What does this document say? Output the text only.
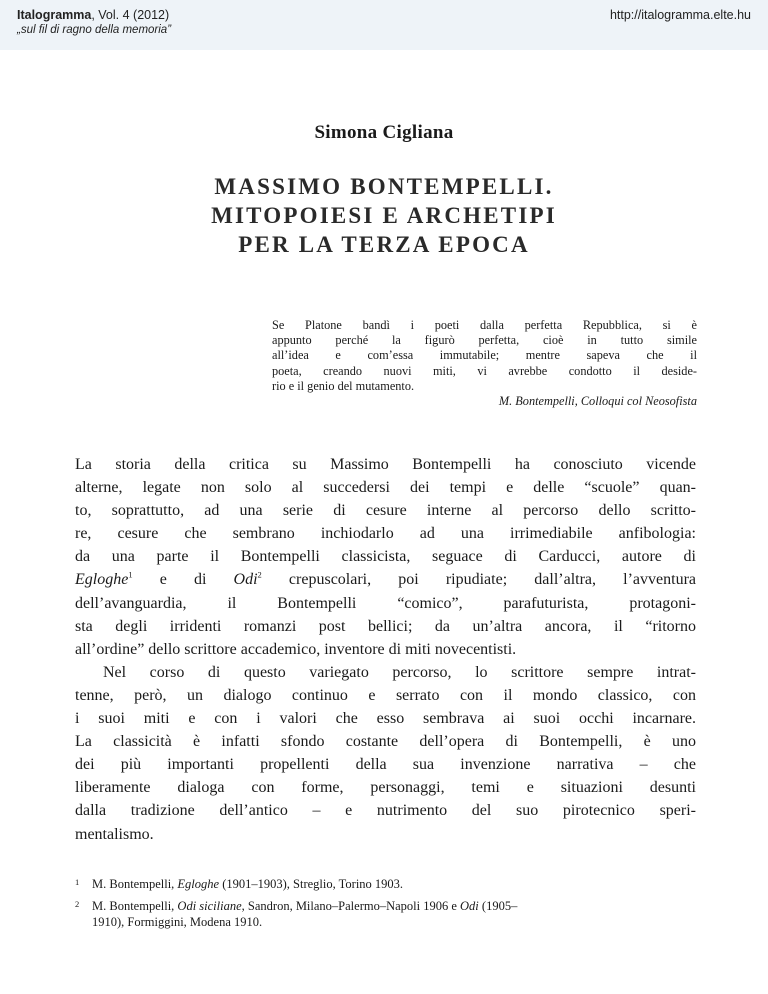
Italogramma, Vol. 4 (2012)
„sul fil di ragno della memoria”
http://italogramma.elte.hu
Simona Cigliana
MASSIMO BONTEMPELLI.
MITOPOIESI E ARCHETIPI
PER LA TERZA EPOCA
Se Platone bandì i poeti dalla perfetta Repubblica, si è
appunto perché la figurò perfetta, cioè in tutto simile
all’idea e com’essa immutabile; mentre sapeva che il
poeta, creando nuovi miti, vi avrebbe condotto il deside-
rio e il genio del mutamento.
M. Bontempelli, Colloqui col Neosofista
La storia della critica su Massimo Bontempelli ha conosciuto vicende
alterne, legate non solo al succedersi dei tempi e delle “scuole” quan-
to, soprattutto, ad una serie di cesure interne al percorso dello scritto-
re, cesure che sembrano inchiodarlo ad una irrimediabile anfibologia:
da una parte il Bontempelli classicista, seguace di Carducci, autore di
Egloghe$^1$ e di Odi$^2$ crepuscolari, poi ripudiate; dall’altra, l’avventura
dell’avanguardia, il Bontempelli “comico”, parafuturista, protagoni-
sta degli irridenti romanzi post bellici; da un’altra ancora, il “ritorno
all’ordine” dello scrittore accademico, inventore di miti novecentisti.
Nel corso di questo variegato percorso, lo scrittore sempre intrat-
tenne, però, un dialogo continuo e serrato con il mondo classico, con
i suoi miti e con i valori che esso sembrava ai suoi occhi incarnare.
La classicità è infatti sfondo costante dell’opera di Bontempelli, è uno
dei più importanti propellenti della sua invenzione narrativa – che
liberamente dialoga con forme, personaggi, temi e situazioni desunti
dalla tradizione dell’antico – e nutrimento del suo pirotecnico speri-
mentalismo.
1 M. Bontempelli, Egloghe (1901–1903), Streglio, Torino 1903.
2 M. Bontempelli, Odi siciliane, Sandron, Milano–Palermo–Napoli 1906 e Odi (1905–
1910), Formiggini, Modena 1910.
